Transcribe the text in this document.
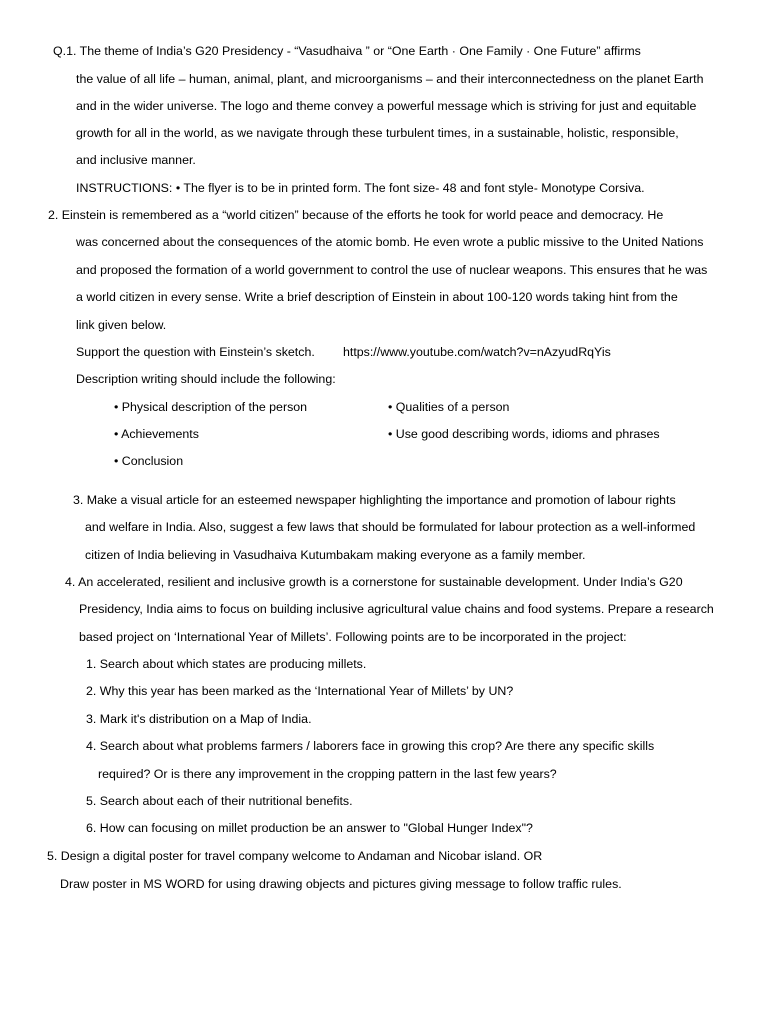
Q.1. The theme of India’s G20 Presidency - “Vasudhaiva ” or “One Earth · One Family · One Future” affirms
the value of all life – human, animal, plant, and microorganisms – and their interconnectedness on the planet Earth
and in the wider universe. The logo and theme convey a powerful message which is striving for just and equitable
growth for all in the world, as we navigate through these turbulent times, in a sustainable, holistic, responsible,
and inclusive manner.
INSTRUCTIONS: • The flyer is to be in printed form. The font size- 48 and font style- Monotype Corsiva.
2. Einstein is remembered as a “world citizen” because of the efforts he took for world peace and democracy. He
was concerned about the consequences of the atomic bomb. He even wrote a public missive to the United Nations
and proposed the formation of a world government to control the use of nuclear weapons. This ensures that he was
a world citizen in every sense. Write a brief description of Einstein in about 100-120 words taking hint from the
link given below.
Support the question with Einstein’s sketch. https://www.youtube.com/watch?v=nAzyudRqYis
Description writing should include the following:
• Physical description of the person	• Qualities of a person
• Achievements	• Use good describing words, idioms and phrases
• Conclusion
3. Make a visual article for an esteemed newspaper highlighting the importance and promotion of labour rights
and welfare in India. Also, suggest a few laws that should be formulated for labour protection as a well-informed
citizen of India believing in Vasudhaiva Kutumbakam making everyone as a family member.
4. An accelerated, resilient and inclusive growth is a cornerstone for sustainable development. Under India’s G20
Presidency, India aims to focus on building inclusive agricultural value chains and food systems. Prepare a research
based project on ‘International Year of Millets’. Following points are to be incorporated in the project:
1. Search about which states are producing millets.
2. Why this year has been marked as the ‘International Year of Millets’ by UN?
3. Mark it's distribution on a Map of India.
4. Search about what problems farmers / laborers face in growing this crop? Are there any specific skills
required? Or is there any improvement in the cropping pattern in the last few years?
5. Search about each of their nutritional benefits.
6. How can focusing on millet production be an answer to "Global Hunger Index"?
5. Design a digital poster for travel company welcome to Andaman and Nicobar island. OR
Draw poster in MS WORD for using drawing objects and pictures giving message to follow traffic rules.
